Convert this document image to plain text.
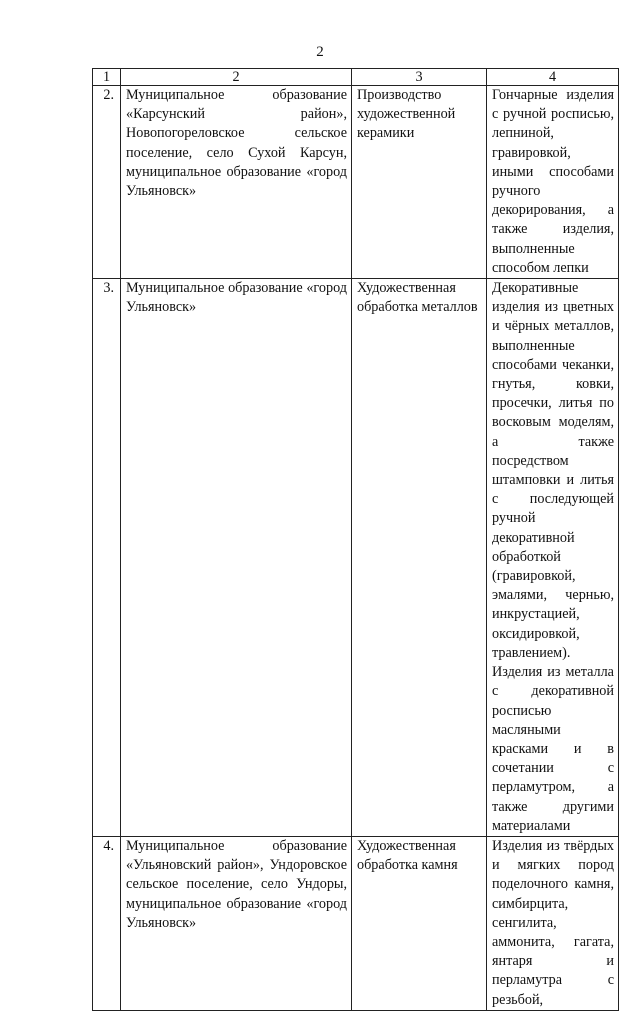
2
1	2	3	4
2.	Муниципальное образование «Карсунский район», Новопогореловское сельское поселение, село Сухой Карсун, муниципальное образование «город Ульяновск»	Производство художественной керамики	Гончарные изделия с ручной росписью, лепниной, гравировкой, иными способами ручного декорирования, а также изделия, выполненные способом лепки
3.	Муниципальное образование «город Ульяновск»	Художественная обработка металлов	Декоративные изделия из цветных и чёрных металлов, выполненные способами чеканки, гнутья, ковки, просечки, литья по восковым моделям, а также посредством штамповки и литья с последующей ручной декоративной обработкой (гравировкой, эмалями, чернью, инкрустацией, оксидировкой, травлением).
Изделия из металла с декоративной росписью масляными красками и в сочетании с перламутром, а также другими материалами

4.	Муниципальное образование «Ульяновский район», Ундоровское сельское поселение, село Ундоры, муниципальное образование «город Ульяновск»	Художественная обработка камня	Изделия из твёрдых и мягких пород поделочного камня, симбирцита, сенгилита, аммонита, гагата, янтаря и перламутра с резьбой,
